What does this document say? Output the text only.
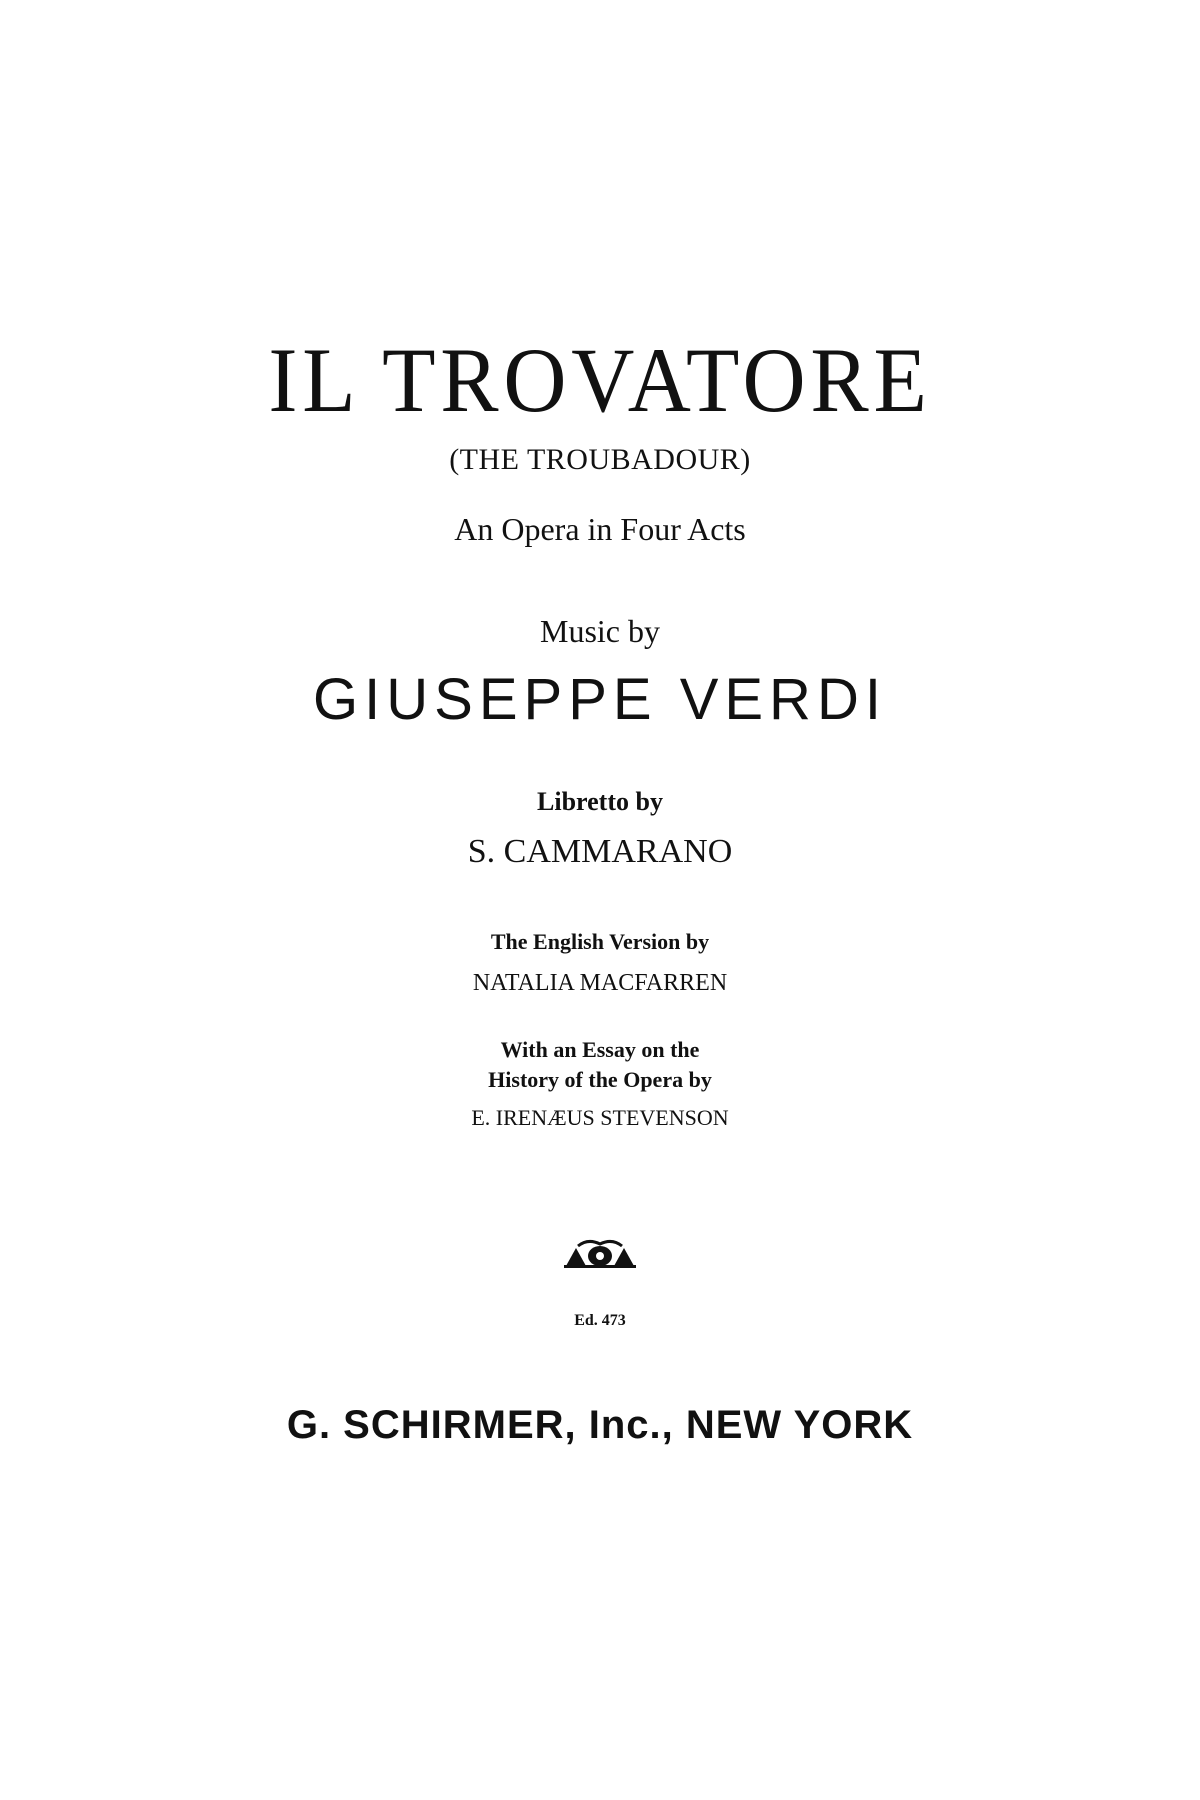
IL TROVATORE
(THE TROUBADOUR)
An Opera in Four Acts
Music by
GIUSEPPE VERDI
Libretto by
S. CAMMARANO
The English Version by
NATALIA MACFARREN
With an Essay on the
History of the Opera by
E. IRENÆUS STEVENSON
Ed. 473
G. SCHIRMER, Inc., NEW YORK
